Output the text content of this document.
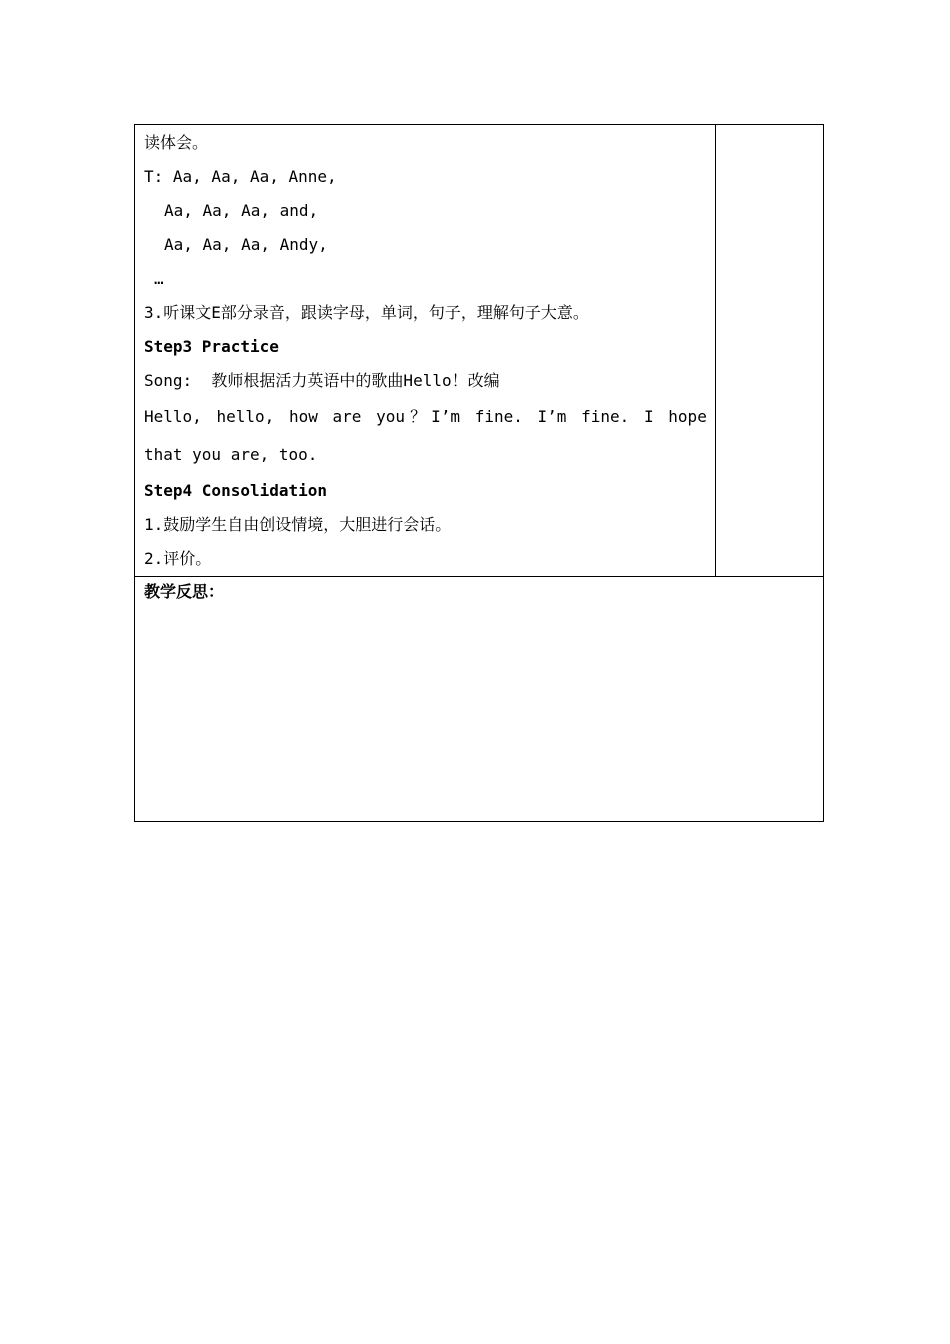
读体会。
T: Aa, Aa, Aa, Anne,
Aa, Aa, Aa, and,
Aa, Aa, Aa, Andy,
…
3.听课文E部分录音，跟读字母，单词，句子，理解句子大意。
Step3 Practice
Song:  教师根据活力英语中的歌曲Hello！改编
Hello, hello, how are you？I’m fine. I’m fine. I hope
that you are, too.
Step4 Consolidation
1.鼓励学生自由创设情境，大胆进行会话。
2.评价。

教学反思：
